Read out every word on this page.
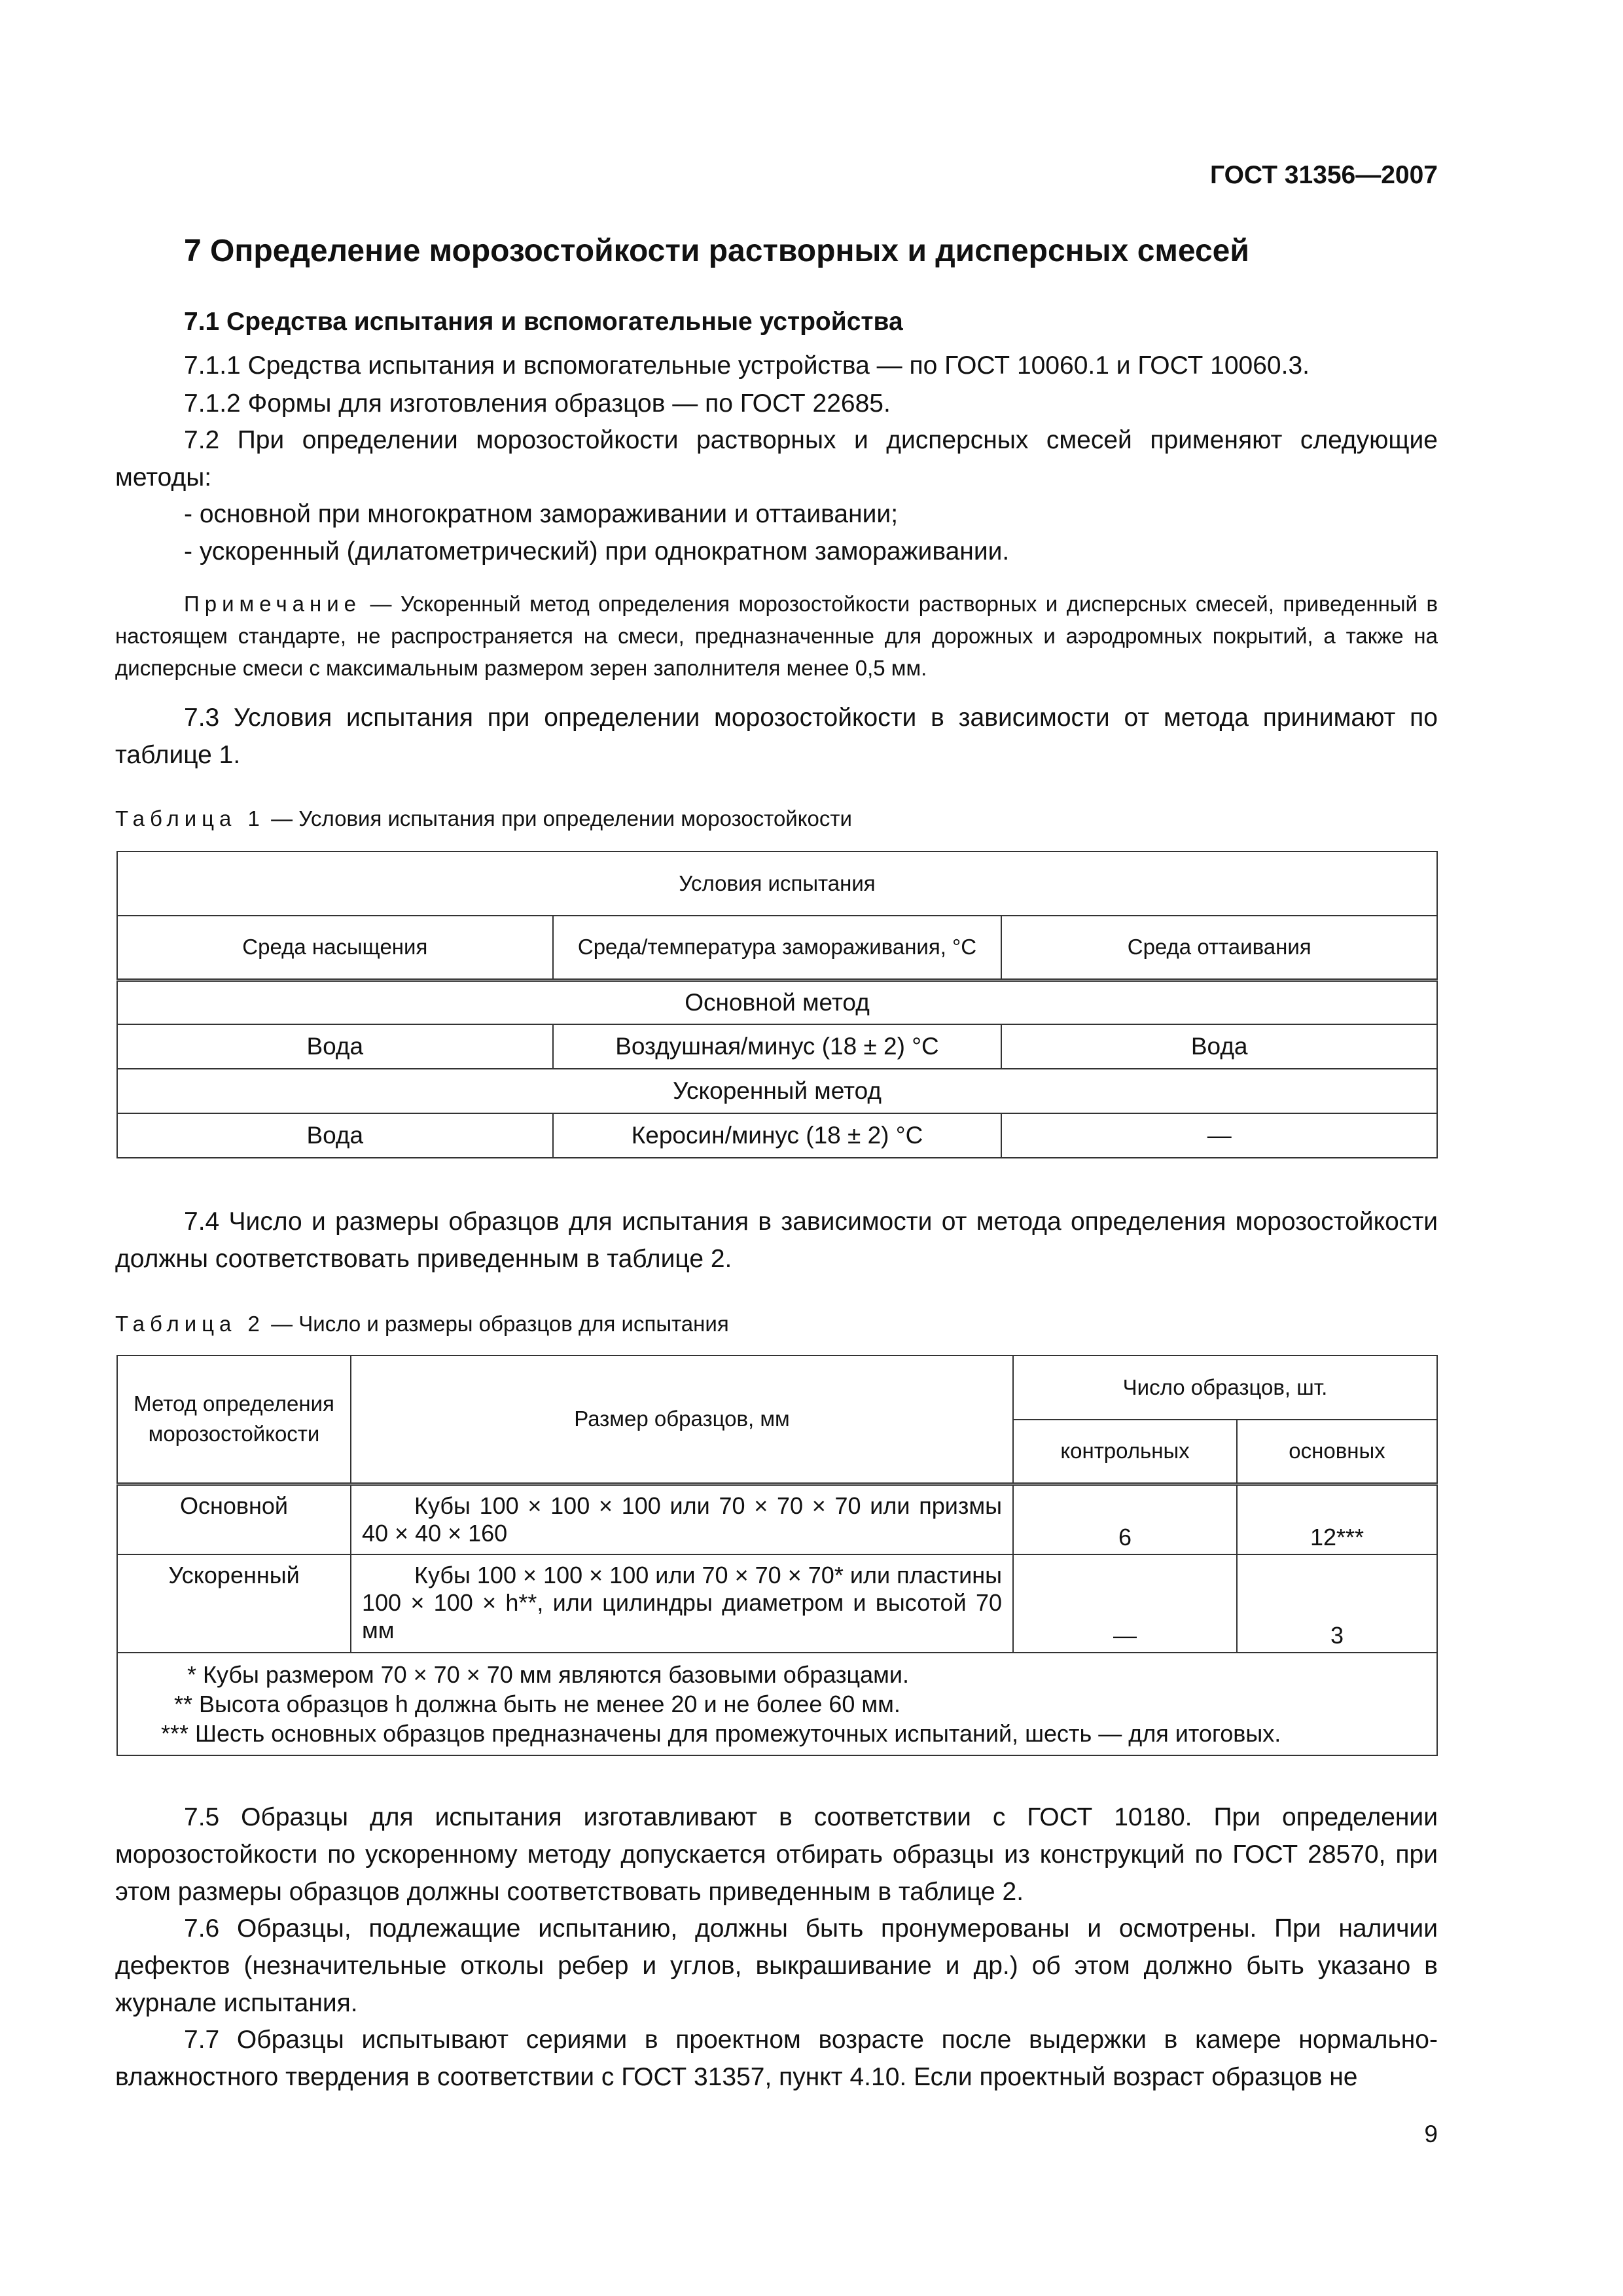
ГОСТ 31356—2007
7 Определение морозостойкости растворных и дисперсных смесей
7.1 Средства испытания и вспомогательные устройства
7.1.1 Средства испытания и вспомогательные устройства — по ГОСТ 10060.1 и ГОСТ 10060.3.
7.1.2 Формы для изготовления образцов — по ГОСТ 22685.
7.2 При определении морозостойкости растворных и дисперсных смесей применяют следующие методы:
- основной при многократном замораживании и оттаивании;
- ускоренный (дилатометрический) при однократном замораживании.
Примечание — Ускоренный метод определения морозостойкости растворных и дисперсных смесей, приведенный в настоящем стандарте, не распространяется на смеси, предназначенные для дорожных и аэродромных покрытий, а также на дисперсные смеси с максимальным размером зерен заполнителя менее 0,5 мм.
7.3 Условия испытания при определении морозостойкости в зависимости от метода принимают по таблице 1.
Таблица 1 — Условия испытания при определении морозостойкости
Условия испытания		
Среда насыщения	Среда/температура замораживания, °С	Среда оттаивания
Основной метод		
Вода	Воздушная/минус (18 ± 2) °С	Вода
Ускоренный метод		
Вода	Керосин/минус (18 ± 2) °С	—
7.4 Число и размеры образцов для испытания в зависимости от метода определения морозостойкости должны соответствовать приведенным в таблице 2.
Таблица 2 — Число и размеры образцов для испытания
Метод определения морозостойкости	Размер образцов, мм	Число образцов, шт.	
		контрольных	основных
Основной	Кубы 100 × 100 × 100 или 70 × 70 × 70 или призмы 40 × 40 × 160	6	12***
Ускоренный	Кубы 100 × 100 × 100 или 70 × 70 × 70* или пластины 100 × 100 × h**, или цилиндры диаметром и высотой 70 мм	—	3

* Кубы размером 70 × 70 × 70 мм являются базовыми образцами.
** Высота образцов h должна быть не менее 20 и не более 60 мм.
*** Шесть основных образцов предназначены для промежуточных испытаний, шесть — для итоговых.			
7.5 Образцы для испытания изготавливают в соответствии с ГОСТ 10180. При определении морозостойкости по ускоренному методу допускается отбирать образцы из конструкций по ГОСТ 28570, при этом размеры образцов должны соответствовать приведенным в таблице 2.
7.6 Образцы, подлежащие испытанию, должны быть пронумерованы и осмотрены. При наличии дефектов (незначительные отколы ребер и углов, выкрашивание и др.) об этом должно быть указано в журнале испытания.
7.7 Образцы испытывают сериями в проектном возрасте после выдержки в камере нормально-влажностного твердения в соответствии с ГОСТ 31357, пункт 4.10. Если проектный возраст образцов не
9
